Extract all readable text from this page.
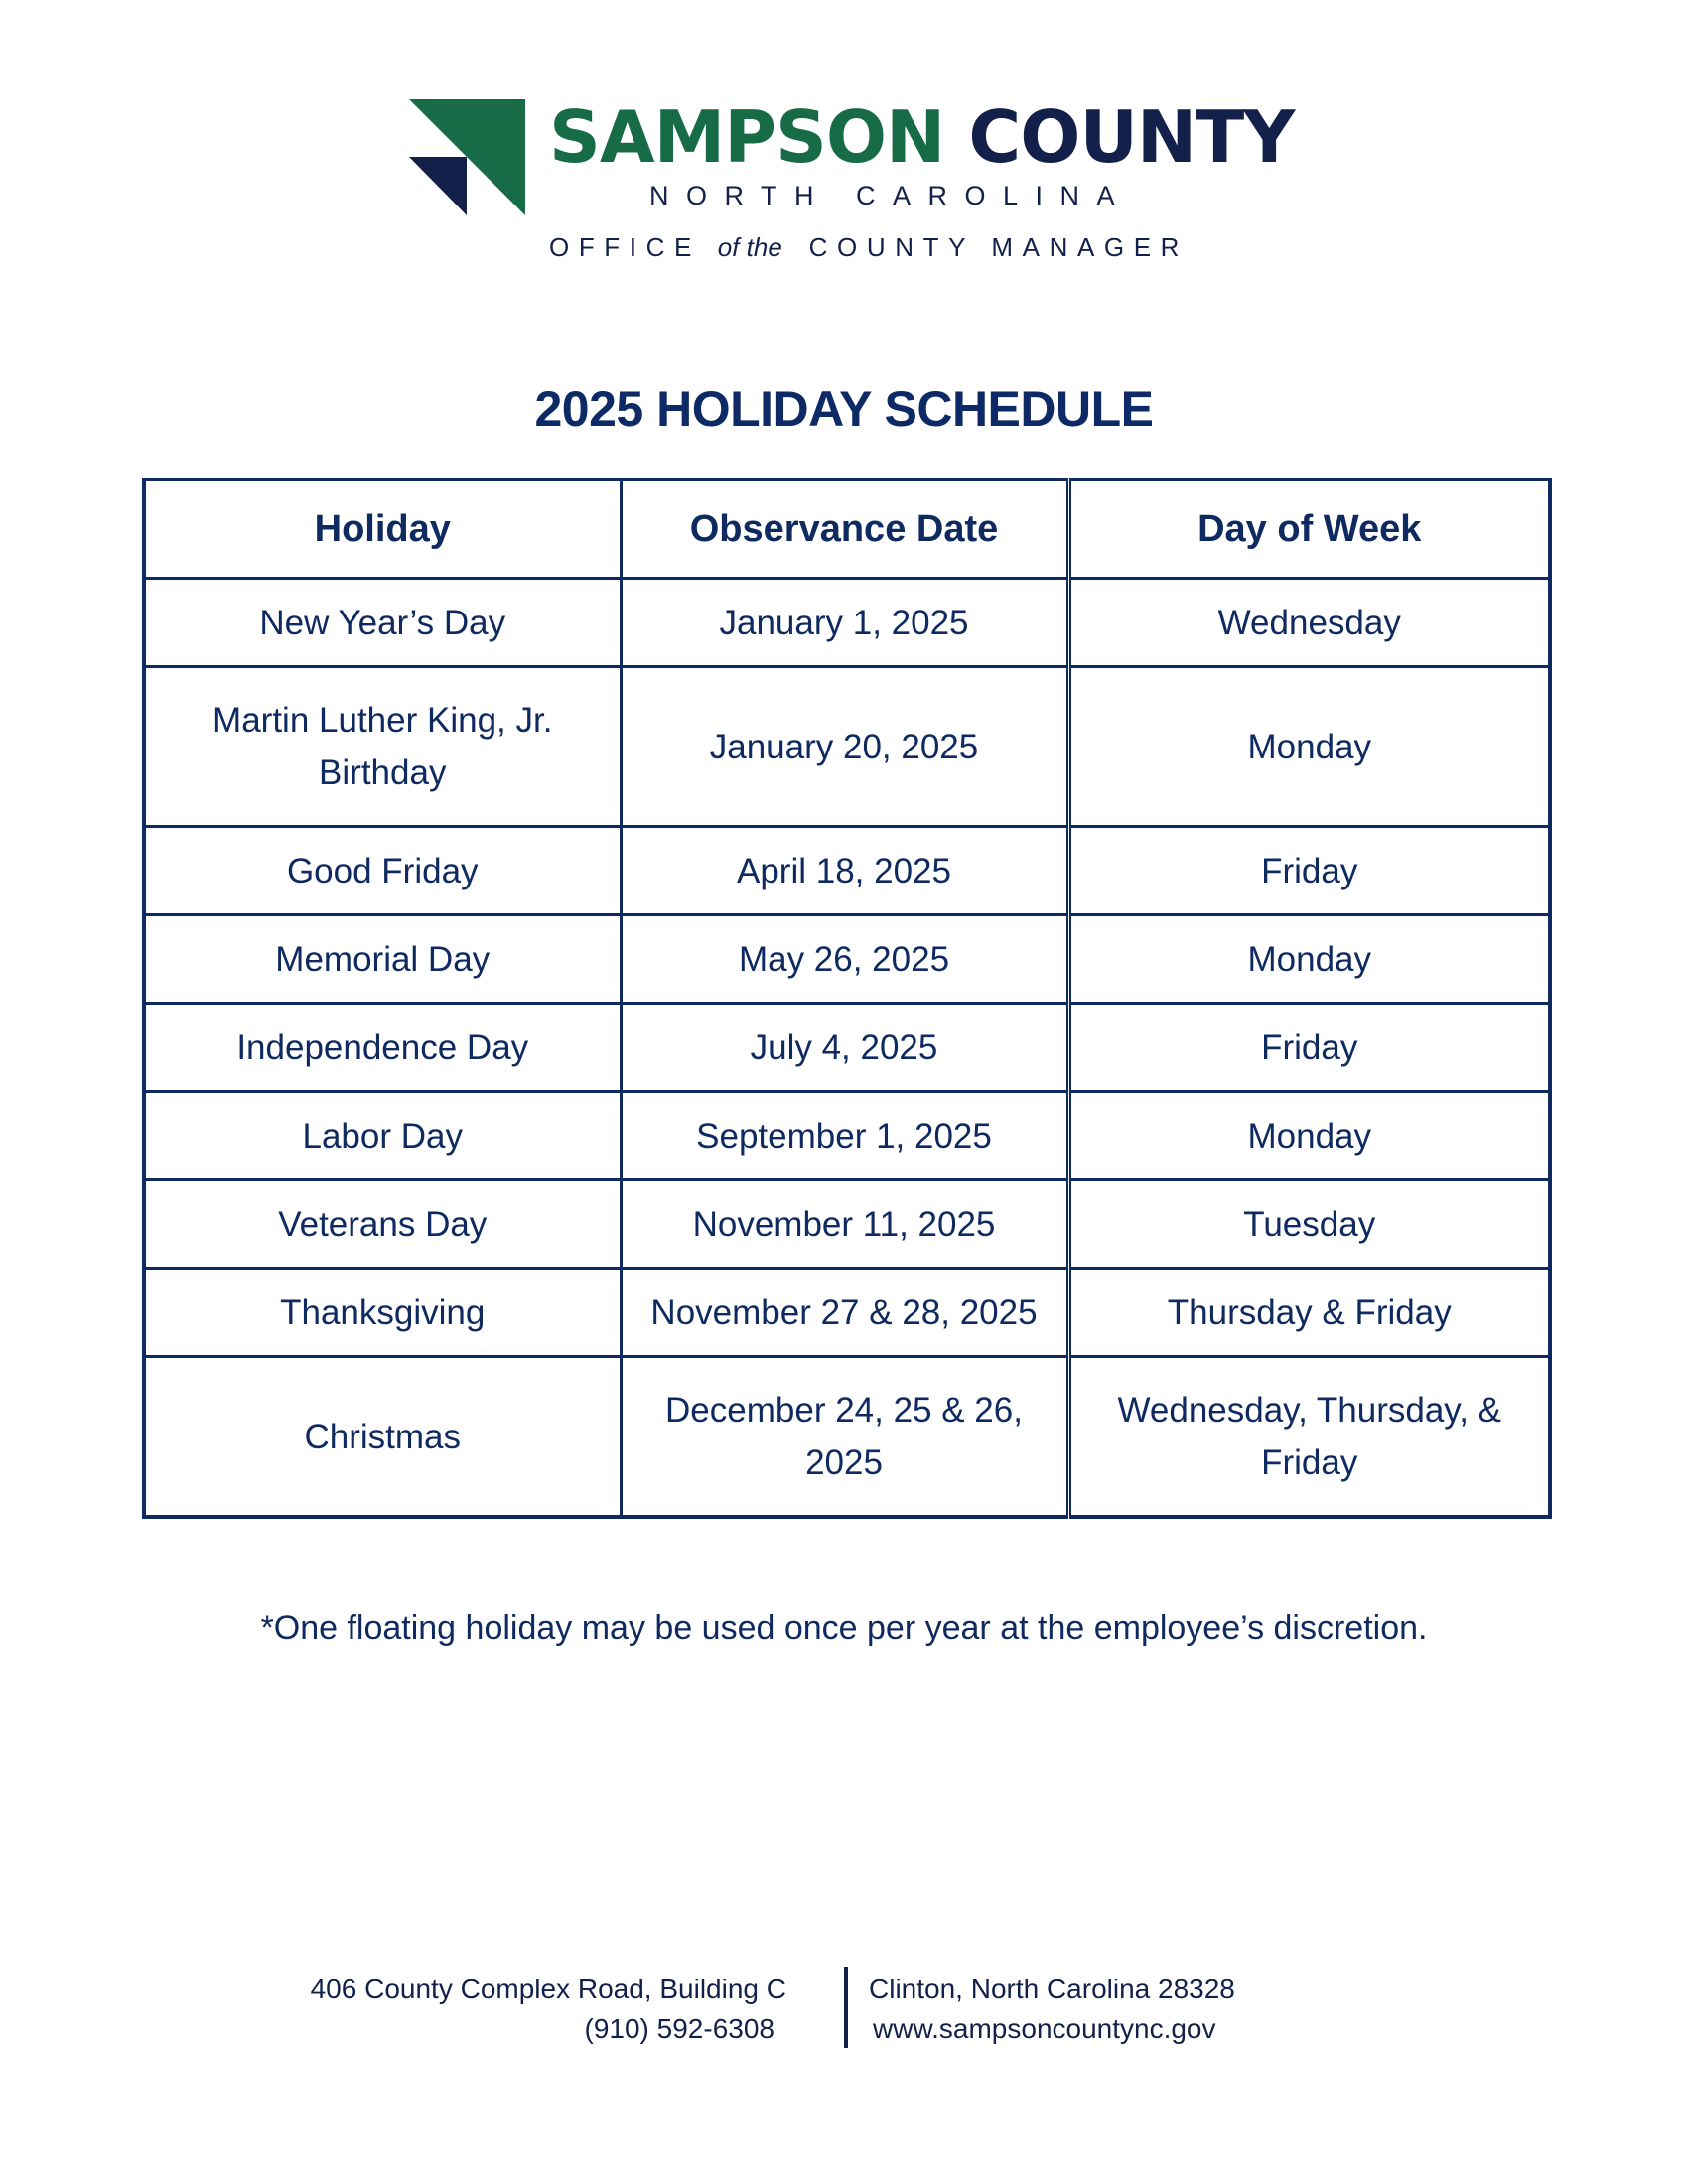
SAMPSON COUNTY
NORTH CAROLINA
OFFICE of the COUNTY MANAGER
2025 HOLIDAY SCHEDULE
Holiday	Observance Date	Day of Week
New Year’s Day	January 1, 2025	Wednesday
Martin Luther King, Jr. Birthday	January 20, 2025	Monday
Good Friday	April 18, 2025	Friday
Memorial Day	May 26, 2025	Monday
Independence Day	July 4, 2025	Friday
Labor Day	September 1, 2025	Monday
Veterans Day	November 11, 2025	Tuesday
Thanksgiving	November 27 & 28, 2025	Thursday & Friday
Christmas	December 24, 25 & 26, 2025	Wednesday, Thursday, & Friday

*One floating holiday may be used once per year at the employee’s discretion.

406 County Complex Road, Building C
(910) 592-6308
Clinton, North Carolina 28328
www.sampsoncountync.gov
